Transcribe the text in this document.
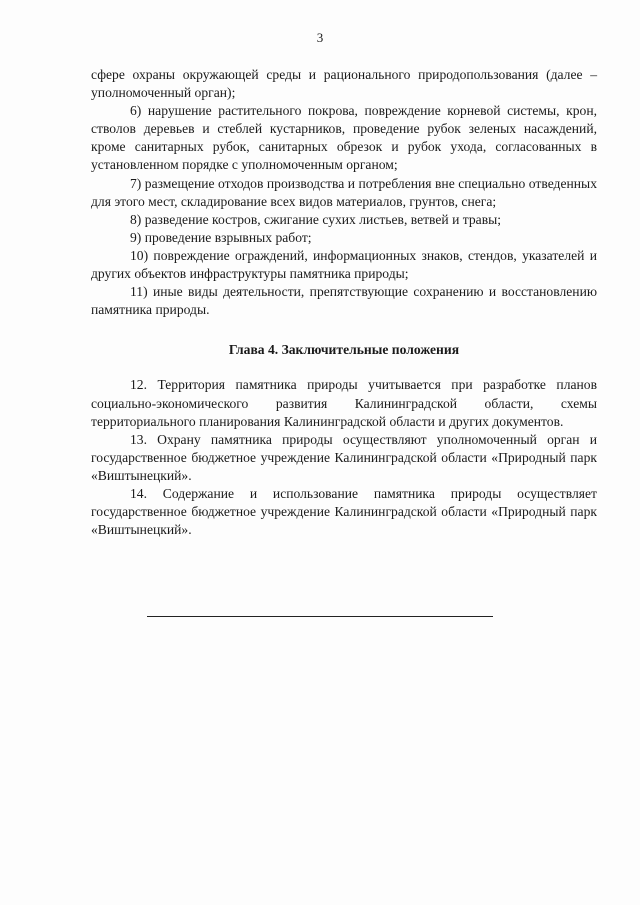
3

сфере охраны окружающей среды и рационального природопользования (далее – уполномоченный орган);

6) нарушение растительного покрова, повреждение корневой системы, крон, стволов деревьев и стеблей кустарников, проведение рубок зеленых насаждений, кроме санитарных рубок, санитарных обрезок и рубок ухода, согласованных в установленном порядке с уполномоченным органом;

7) размещение отходов производства и потребления вне специально отведенных для этого мест, складирование всех видов материалов, грунтов, снега;

8) разведение костров, сжигание сухих листьев, ветвей и травы;

9) проведение взрывных работ;

10) повреждение ограждений, информационных знаков, стендов, указателей и других объектов инфраструктуры памятника природы;

11) иные виды деятельности, препятствующие сохранению и восстановлению памятника природы.

Глава 4. Заключительные положения

12. Территория памятника природы учитывается при разработке планов социально-экономического развития Калининградской области, схемы территориального планирования Калининградской области и других документов.

13. Охрану памятника природы осуществляют уполномоченный орган и государственное бюджетное учреждение Калининградской области «Природный парк «Виштынецкий».

14. Содержание и использование памятника природы осуществляет государственное бюджетное учреждение Калининградской области «Природный парк «Виштынецкий».
